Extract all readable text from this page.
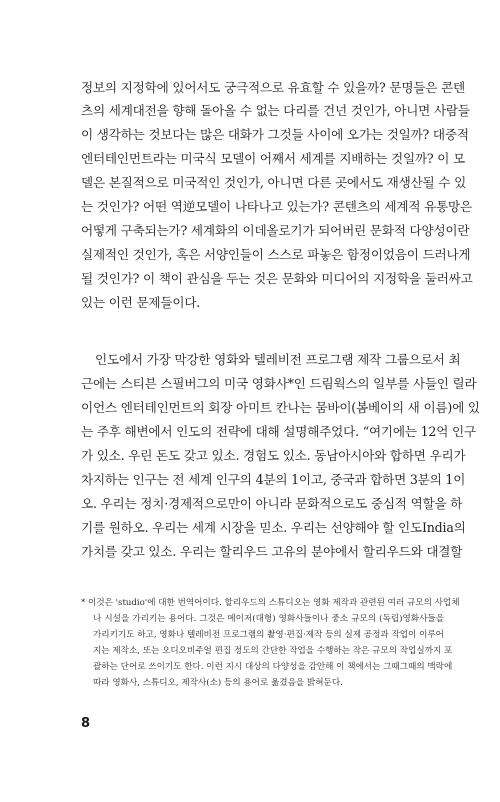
정보의 지정학에 있어서도 궁극적으로 유효할 수 있을까? 문명들은 콘텐
츠의 세계대전을 향해 돌아올 수 없는 다리를 건넌 것인가, 아니면 사람들
이 생각하는 것보다는 많은 대화가 그것들 사이에 오가는 것일까? 대중적
엔터테인먼트라는 미국식 모델이 어째서 세계를 지배하는 것일까? 이 모
델은 본질적으로 미국적인 것인가, 아니면 다른 곳에서도 재생산될 수 있
는 것인가? 어떤 역逆모델이 나타나고 있는가? 콘텐츠의 세계적 유통망은
어떻게 구축되는가? 세계화의 이데올로기가 되어버린 문화적 다양성이란
실제적인 것인가, 혹은 서양인들이 스스로 파놓은 함정이었음이 드러나게
될 것인가? 이 책이 관심을 두는 것은 문화와 미디어의 지정학을 둘러싸고
있는 이런 문제들이다.
인도에서 가장 막강한 영화와 텔레비전 프로그램 제작 그룹으로서 최
근에는 스티븐 스필버그의 미국 영화사*인 드림웍스의 일부를 사들인 릴라
이언스 엔터테인먼트의 회장 아미트 칸나는 뭄바이(봄베이의 새 이름)에 있
는 주후 해변에서 인도의 전략에 대해 설명해주었다. “여기에는 12억 인구
가 있소. 우린 돈도 갖고 있소. 경험도 있소. 동남아시아와 합하면 우리가
차지하는 인구는 전 세계 인구의 4분의 1이고, 중국과 합하면 3분의 1이
오. 우리는 정치·경제적으로만이 아니라 문화적으로도 중심적 역할을 하
기를 원하오. 우리는 세계 시장을 믿소. 우리는 선양해야 할 인도India의
가치를 갖고 있소. 우리는 할리우드 고유의 분야에서 할리우드와 대결할
* 이것은 'studio'에 대한 번역어이다. 할리우드의 스튜디오는 영화 제작과 관련된 여러 규모의 사업체
나 시설을 가리키는 용어다. 그것은 메이저(대형) 영화사들이나 중소 규모의 (독립)영화사들을
가리키기도 하고, 영화나 텔레비전 프로그램의 촬영·편집·제작 등의 실제 공정과 작업이 이루어
지는 제작소, 또는 오디오비주얼 편집 정도의 간단한 작업을 수행하는 작은 규모의 작업실까지 포
괄하는 단어로 쓰이기도 한다. 이런 지시 대상의 다양성을 감안해 이 책에서는 그때그때의 맥락에
따라 영화사, 스튜디오, 제작사(소) 등의 용어로 옮겼음을 밝혀둔다.
8
